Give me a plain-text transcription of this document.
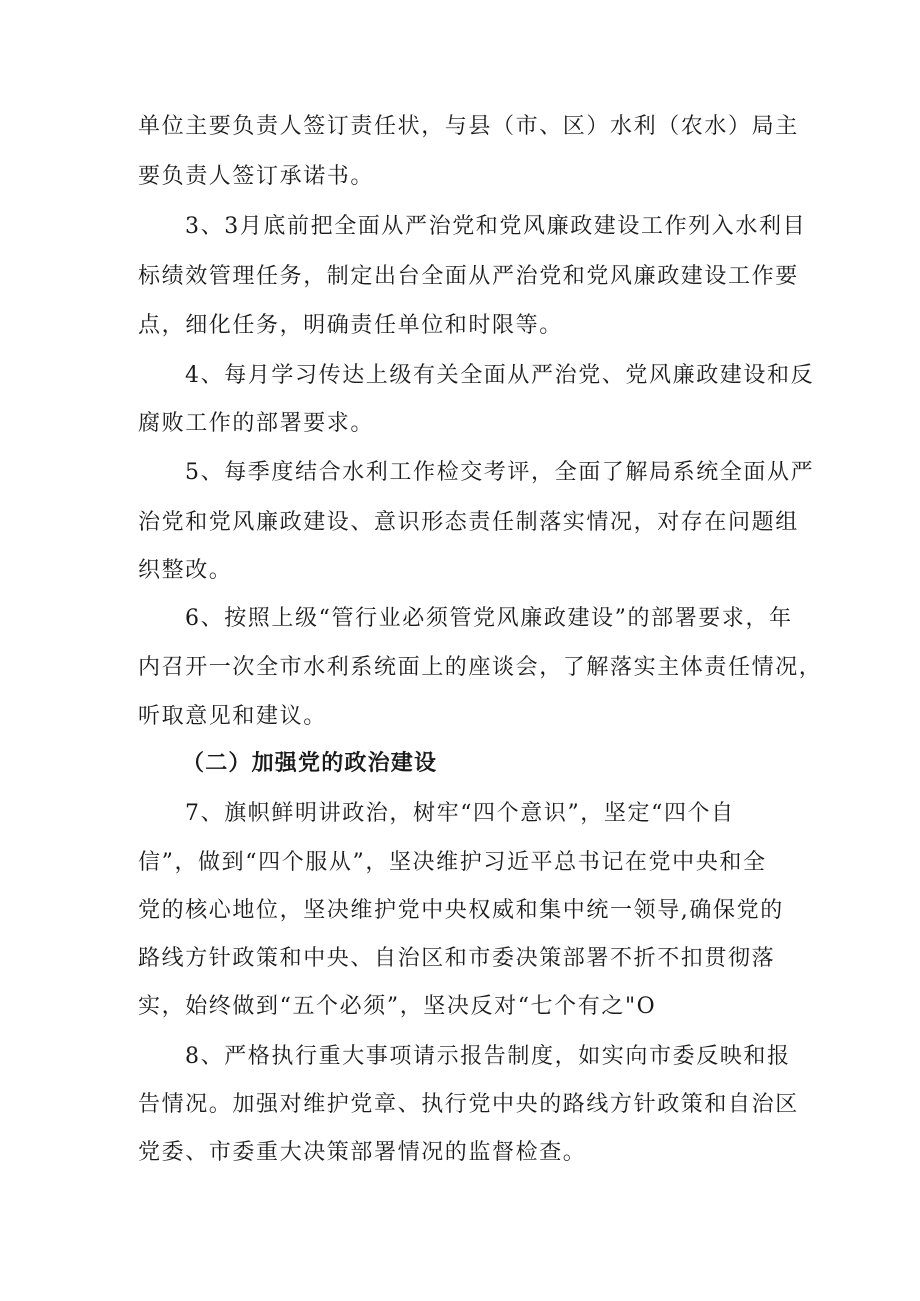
单位主要负责人签订责任状，与县（市、区）水利（农水）局主
要负责人签订承诺书。
3、3月底前把全面从严治党和党风廉政建设工作列入水利目
标绩效管理任务，制定出台全面从严治党和党风廉政建设工作要
点，细化任务，明确责任单位和时限等。
4、每月学习传达上级有关全面从严治党、党风廉政建设和反
腐败工作的部署要求。
5、每季度结合水利工作检交考评，全面了解局系统全面从严
治党和党风廉政建设、意识形态责任制落实情况，对存在问题组
织整改。
6、按照上级“管行业必须管党风廉政建设”的部署要求，年
内召开一次全市水利系统面上的座谈会，了解落实主体责任情况，
听取意见和建议。
（二）加强党的政治建设
7、旗帜鲜明讲政治，树牢“四个意识”，坚定“四个自
信”，做到“四个服从”，坚决维护习近平总书记在党中央和全
党的核心地位，坚决维护党中央权威和集中统一领导,确保党的
路线方针政策和中央、自治区和市委决策部署不折不扣贯彻落
实，始终做到“五个必须”，坚决反对“七个有之"O
8、严格执行重大事项请示报告制度，如实向市委反映和报
告情况。加强对维护党章、执行党中央的路线方针政策和自治区
党委、市委重大决策部署情况的监督检查。
